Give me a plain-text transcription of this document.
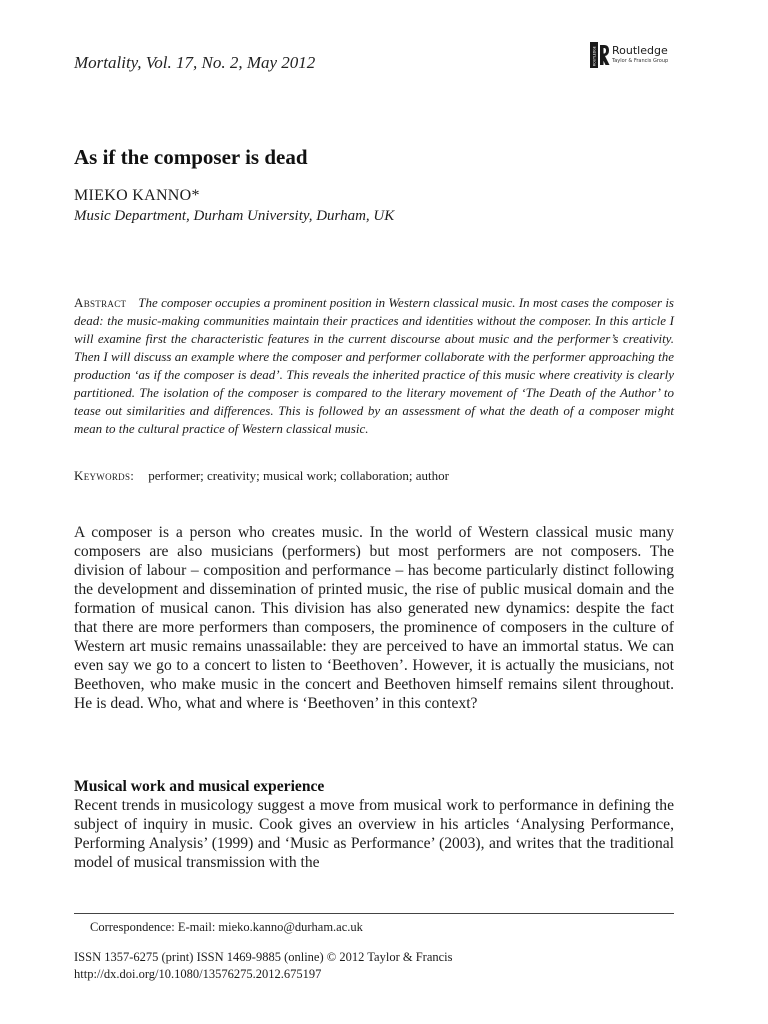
Mortality, Vol. 17, No. 2, May 2012	ROUTLEDGE Routledge
Taylor & Francis Group
As if the composer is dead
MIEKO KANNO*
Music Department, Durham University, Durham, UK

Abstract The composer occupies a prominent position in Western classical music. In most cases the composer is dead: the music-making communities maintain their practices and identities without the composer. In this article I will examine first the characteristic features in the current discourse about music and the performer’s creativity. Then I will discuss an example where the composer and performer collaborate with the performer approaching the production ‘as if the composer is dead’. This reveals the inherited practice of this music where creativity is clearly partitioned. The isolation of the composer is compared to the literary movement of ‘The Death of the Author’ to tease out similarities and differences. This is followed by an assessment of what the death of a composer might mean to the cultural practice of Western classical music.

Keywords: performer; creativity; musical work; collaboration; author

A composer is a person who creates music. In the world of Western classical music many composers are also musicians (performers) but most performers are not composers. The division of labour – composition and performance – has become particularly distinct following the development and dissemination of printed music, the rise of public musical domain and the formation of musical canon. This division has also generated new dynamics: despite the fact that there are more performers than composers, the prominence of composers in the culture of Western art music remains unassailable: they are perceived to have an immortal status. We can even say we go to a concert to listen to ‘Beethoven’. However, it is actually the musicians, not Beethoven, who make music in the concert and Beethoven himself remains silent throughout. He is dead. Who, what and where is ‘Beethoven’ in this context?

Musical work and musical experience

Recent trends in musicology suggest a move from musical work to performance in defining the subject of inquiry in music. Cook gives an overview in his articles ‘Analysing Performance, Performing Analysis’ (1999) and ‘Music as Performance’ (2003), and writes that the traditional model of musical transmission with the

Correspondence: E-mail: mieko.kanno@durham.ac.uk
ISSN 1357-6275 (print) ISSN 1469-9885 (online) © 2012 Taylor & Francis
http://dx.doi.org/10.1080/13576275.2012.675197
